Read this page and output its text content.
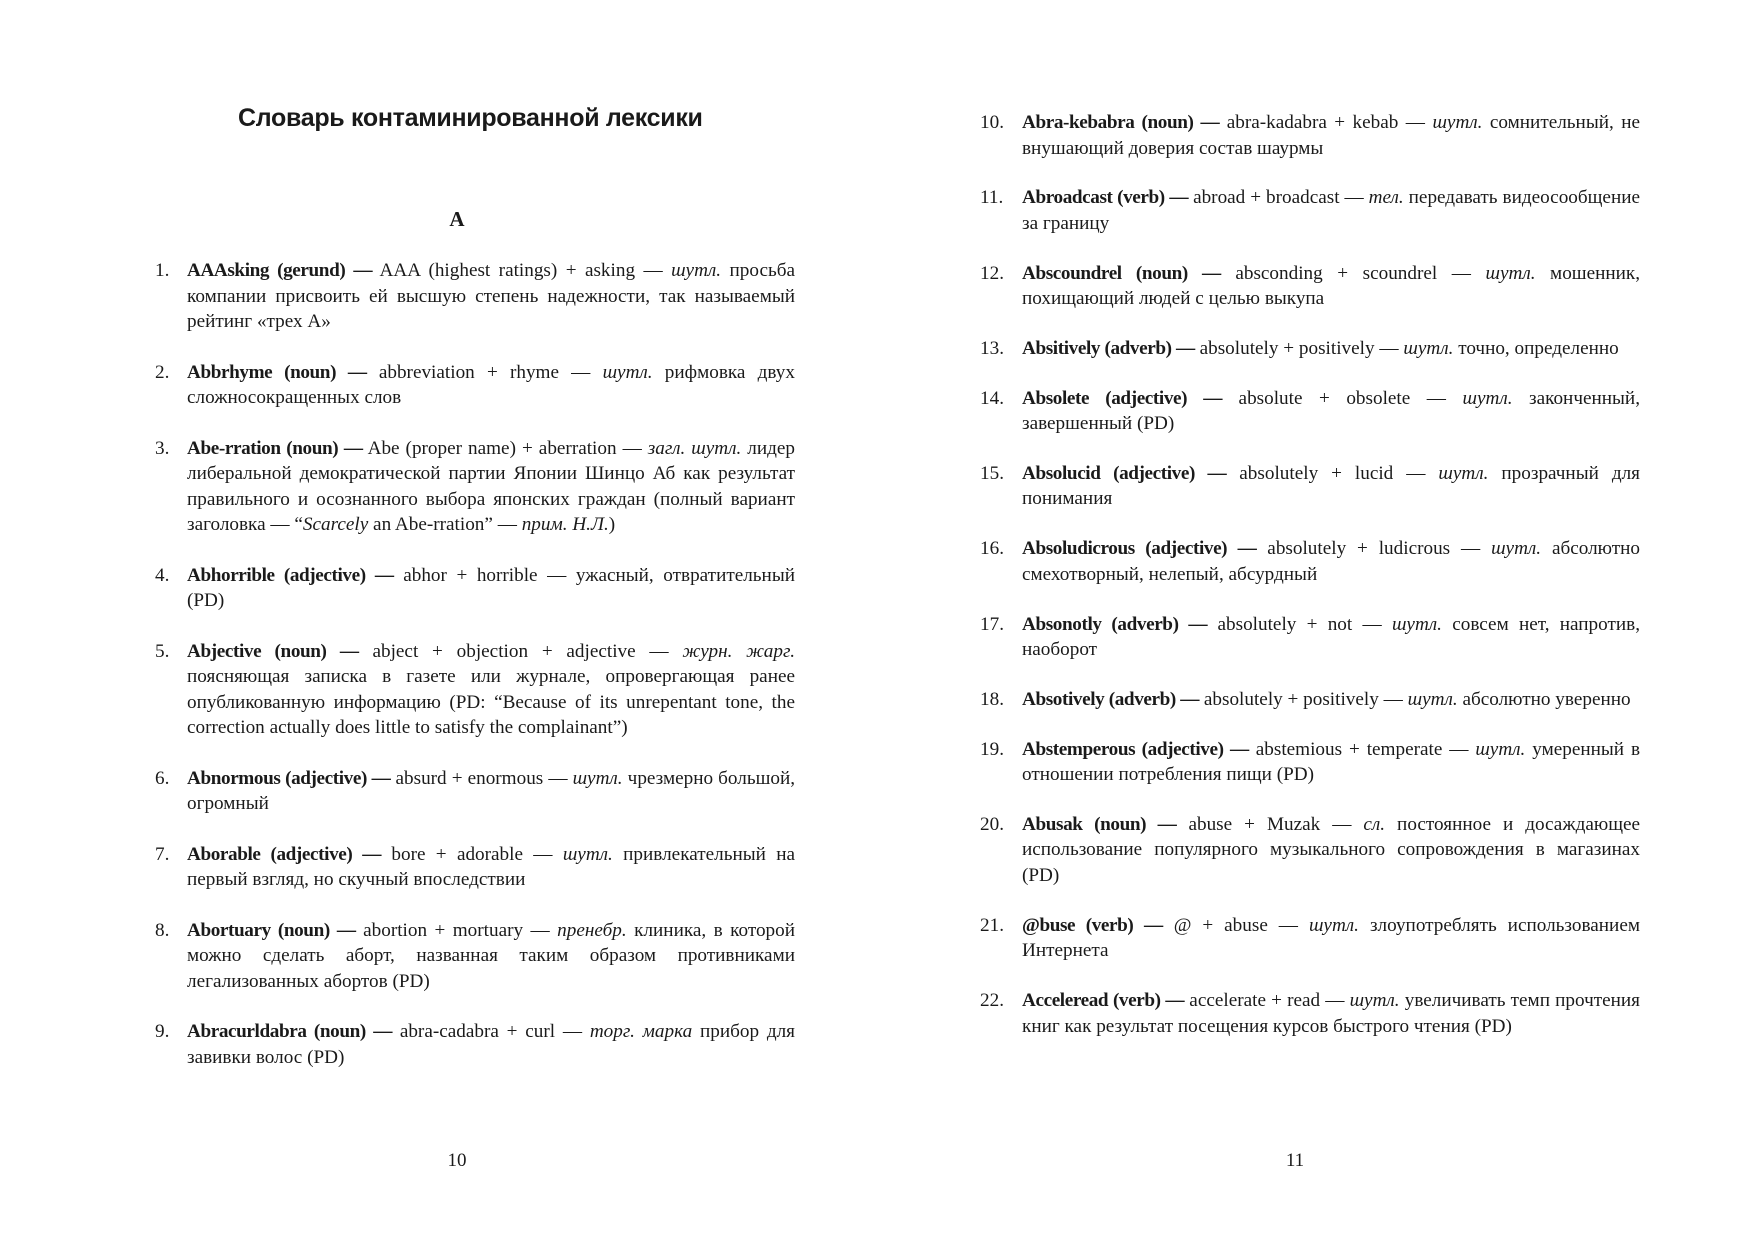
Словарь контаминированной лексики
A
1. AAAsking (gerund) — AAA (highest ratings) + asking — шутл. просьба компании присвоить ей высшую степень надежности, так называемый рейтинг «трех А»
2. Abbrhyme (noun) — abbreviation + rhyme — шутл. рифмовка двух сложносокращенных слов
3. Abe-rration (noun) — Abe (proper name) + aberration — загл. шутл. лидер либеральной демократической партии Японии Шинцо Аб как результат правильного и осознанного выбора японских граждан (полный вариант заголовка — “Scarcely an Abe-rration” — прим. Н.Л.)
4. Abhorrible (adjective) — abhor + horrible — ужасный, отвратительный (PD)
5. Abjective (noun) — abject + objection + adjective — журн. жарг. поясняющая записка в газете или журнале, опровергающая ранее опубликованную информацию (PD: “Because of its unrepentant tone, the correction actually does little to satisfy the complainant”)
6. Abnormous (adjective) — absurd + enormous — шутл. чрезмерно большой, огромный
7. Aborable (adjective) — bore + adorable — шутл. привлекательный на первый взгляд, но скучный впоследствии
8. Abortuary (noun) — abortion + mortuary — пренебр. клиника, в которой можно сделать аборт, названная таким образом противниками легализованных абортов (PD)
9. Abracurldabra (noun) — abra-cadabra + curl — торг. марка прибор для завивки волос (PD)
10
10. Abra-kebabra (noun) — abra-kadabra + kebab — шутл. сомнительный, не внушающий доверия состав шаурмы
11. Abroadcast (verb) — abroad + broadcast — тел. передавать видеосообщение за границу
12. Abscoundrel (noun) — absconding + scoundrel — шутл. мошенник, похищающий людей с целью выкупа
13. Absitively (adverb) — absolutely + positively — шутл. точно, определенно
14. Absolete (adjective) — absolute + obsolete — шутл. законченный, завершенный (PD)
15. Absolucid (adjective) — absolutely + lucid — шутл. прозрачный для понимания
16. Absoludicrous (adjective) — absolutely + ludicrous — шутл. абсолютно смехотворный, нелепый, абсурдный
17. Absonotly (adverb) — absolutely + not — шутл. совсем нет, напротив, наоборот
18. Absotively (adverb) — absolutely + positively — шутл. абсолютно уверенно
19. Abstemperous (adjective) — abstemious + temperate — шутл. умеренный в отношении потребления пищи (PD)
20. Abusak (noun) — abuse + Muzak — сл. постоянное и досаждающее использование популярного музыкального сопровождения в магазинах (PD)
21. @buse (verb) — @ + abuse — шутл. злоупотреблять использованием Интернета
22. Acceleread (verb) — accelerate + read — шутл. увеличивать темп прочтения книг как результат посещения курсов быстрого чтения (PD)
11
